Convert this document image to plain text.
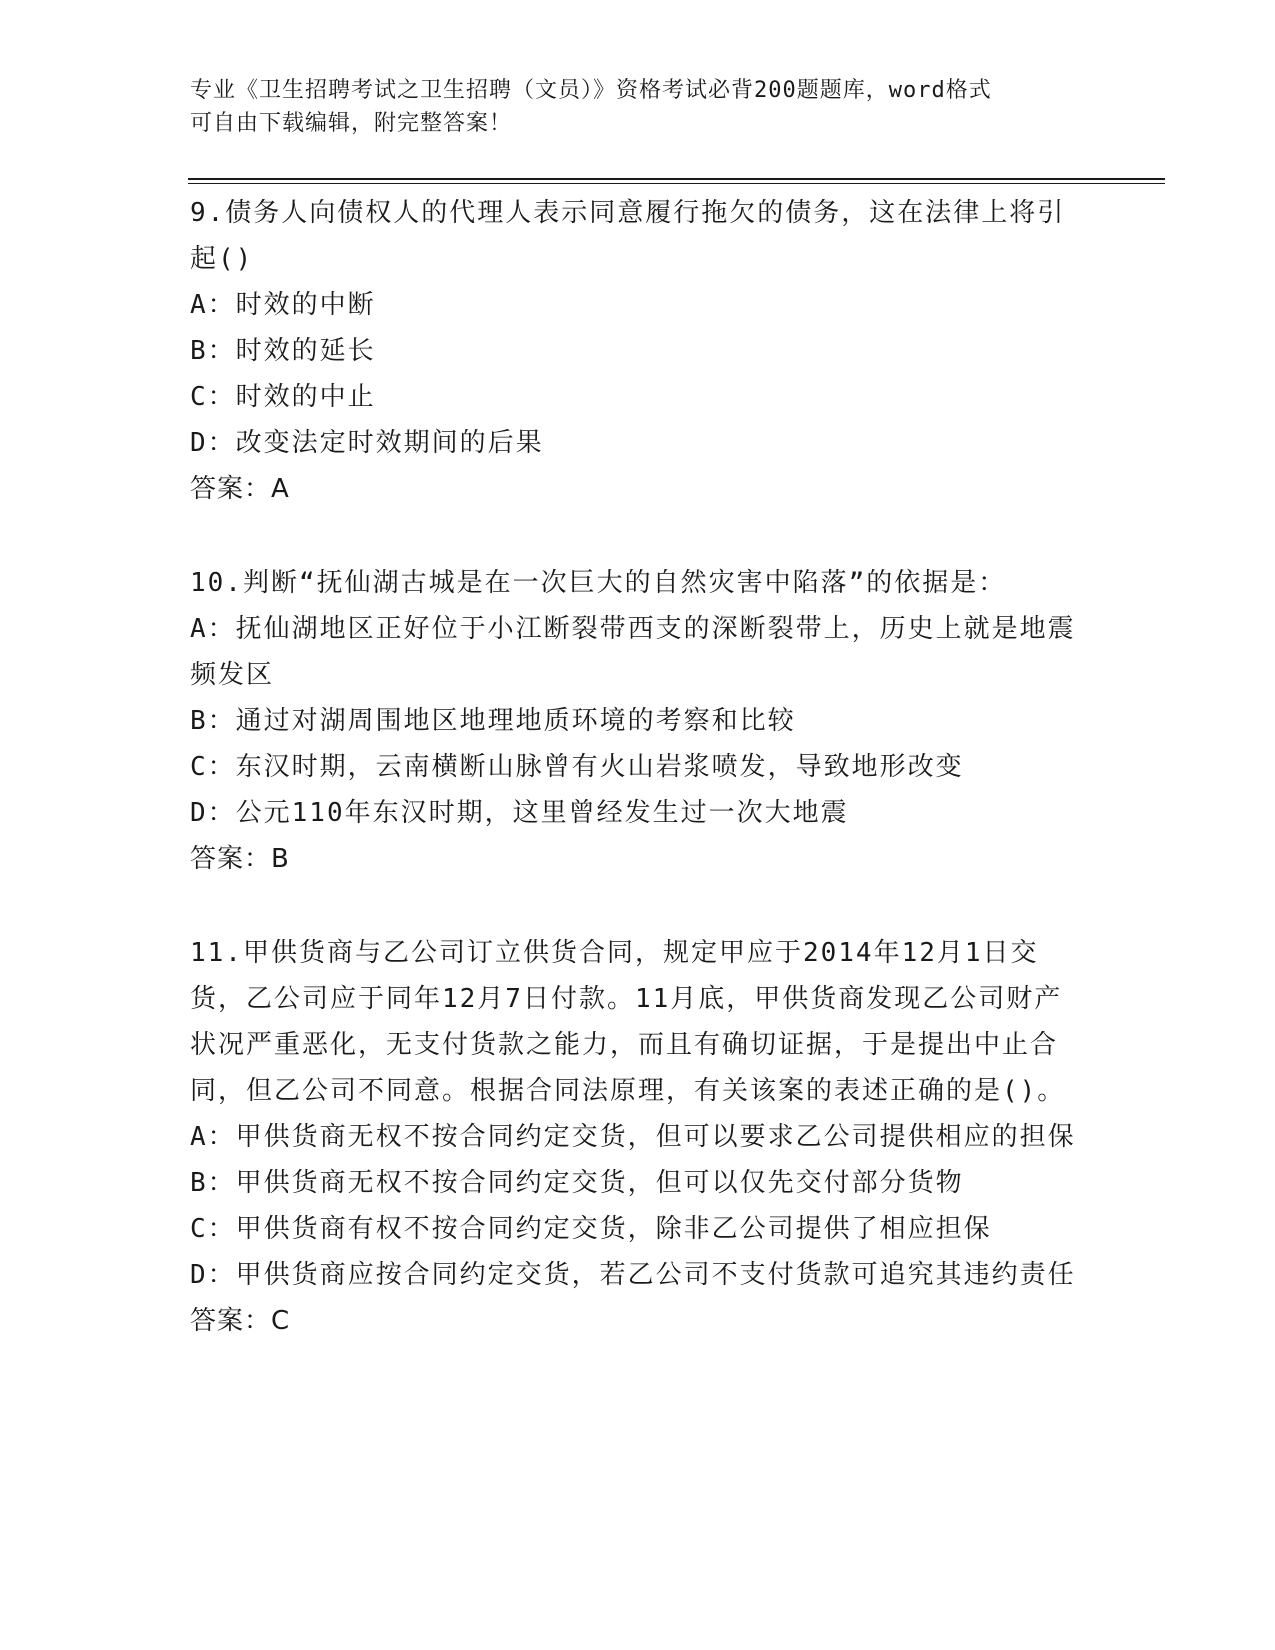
专业《卫生招聘考试之卫生招聘（文员）》资格考试必背200题题库，word格式

可自由下载编辑，附完整答案！

9.债务人向债权人的代理人表示同意履行拖欠的债务，这在法律上将引起()

A：时效的中断

B：时效的延长

C：时效的中止

D：改变法定时效期间的后果

答案：A

10.判断“抚仙湖古城是在一次巨大的自然灾害中陷落”的依据是：

A：抚仙湖地区正好位于小江断裂带西支的深断裂带上，历史上就是地震频发区

B：通过对湖周围地区地理地质环境的考察和比较

C：东汉时期，云南横断山脉曾有火山岩浆喷发，导致地形改变

D：公元110年东汉时期，这里曾经发生过一次大地震

答案：B

11.甲供货商与乙公司订立供货合同，规定甲应于2014年12月1日交货，乙公司应于同年12月7日付款。11月底，甲供货商发现乙公司财产状况严重恶化，无支付货款之能力，而且有确切证据，于是提出中止合同，但乙公司不同意。根据合同法原理，有关该案的表述正确的是()。

A：甲供货商无权不按合同约定交货，但可以要求乙公司提供相应的担保

B：甲供货商无权不按合同约定交货，但可以仅先交付部分货物

C：甲供货商有权不按合同约定交货，除非乙公司提供了相应担保

D：甲供货商应按合同约定交货，若乙公司不支付货款可追究其违约责任

答案：C
